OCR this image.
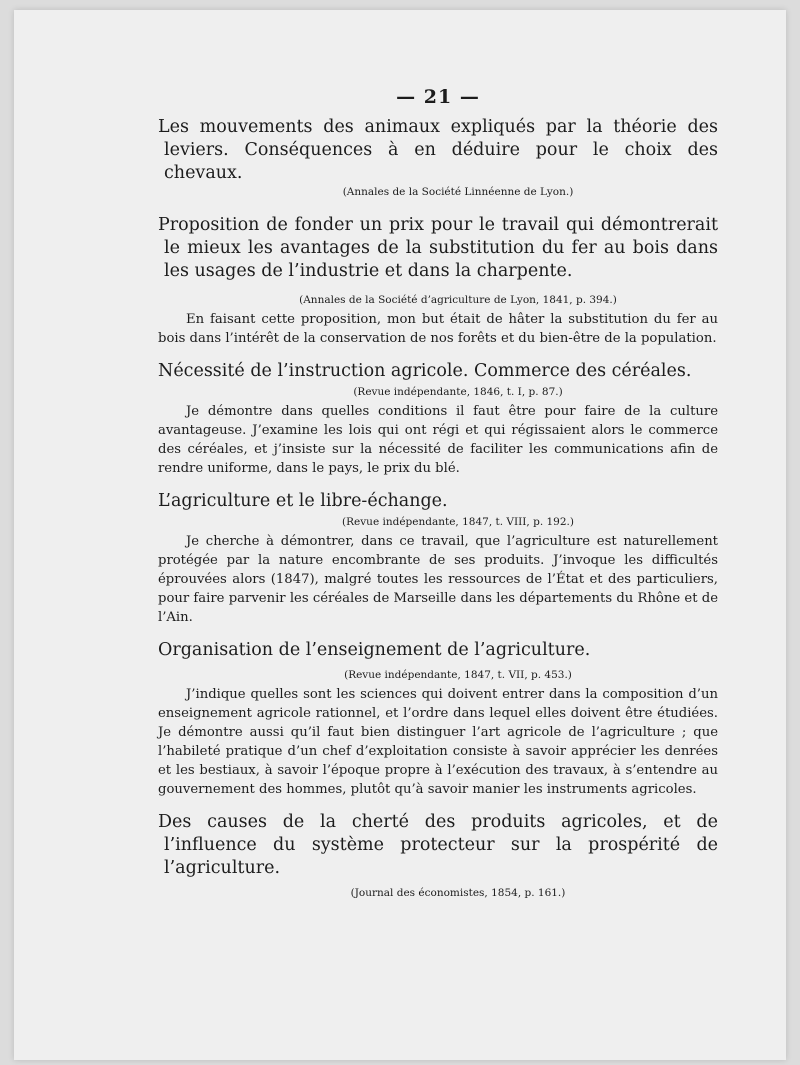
— 21 —

Les mouvements des animaux expliqués par la théorie des leviers. Conséquences à en déduire pour le choix des chevaux.

(Annales de la Société Linnéenne de Lyon.)

Proposition de fonder un prix pour le travail qui démontrerait le mieux les avantages de la substitution du fer au bois dans les usages de l’industrie et dans la charpente.

(Annales de la Société d’agriculture de Lyon, 1841, p. 394.)

En faisant cette proposition, mon but était de hâter la substitution du fer au bois dans l’intérêt de la conservation de nos forêts et du bien-être de la population.

Nécessité de l’instruction agricole. Commerce des céréales.

(Revue indépendante, 1846, t. I, p. 87.)

Je démontre dans quelles conditions il faut être pour faire de la culture avantageuse. J’examine les lois qui ont régi et qui régissaient alors le commerce des céréales, et j’insiste sur la nécessité de faciliter les communications afin de rendre uniforme, dans le pays, le prix du blé.

L’agriculture et le libre-échange.

(Revue indépendante, 1847, t. VIII, p. 192.)

Je cherche à démontrer, dans ce travail, que l’agriculture est naturellement protégée par la nature encombrante de ses produits. J’invoque les difficultés éprouvées alors (1847), malgré toutes les ressources de l’État et des particuliers, pour faire parvenir les céréales de Marseille dans les départements du Rhône et de l’Ain.

Organisation de l’enseignement de l’agriculture.

(Revue indépendante, 1847, t. VII, p. 453.)

J’indique quelles sont les sciences qui doivent entrer dans la composition d’un enseignement agricole rationnel, et l’ordre dans lequel elles doivent être étudiées. Je démontre aussi qu’il faut bien distinguer l’art agricole de l’agriculture ; que l’habileté pratique d’un chef d’exploitation consiste à savoir apprécier les denrées et les bestiaux, à savoir l’époque propre à l’exécution des travaux, à s’entendre au gouvernement des hommes, plutôt qu’à savoir manier les instruments agricoles.

Des causes de la cherté des produits agricoles, et de l’influence du système protecteur sur la prospérité de l’agriculture.

(Journal des économistes, 1854, p. 161.)
